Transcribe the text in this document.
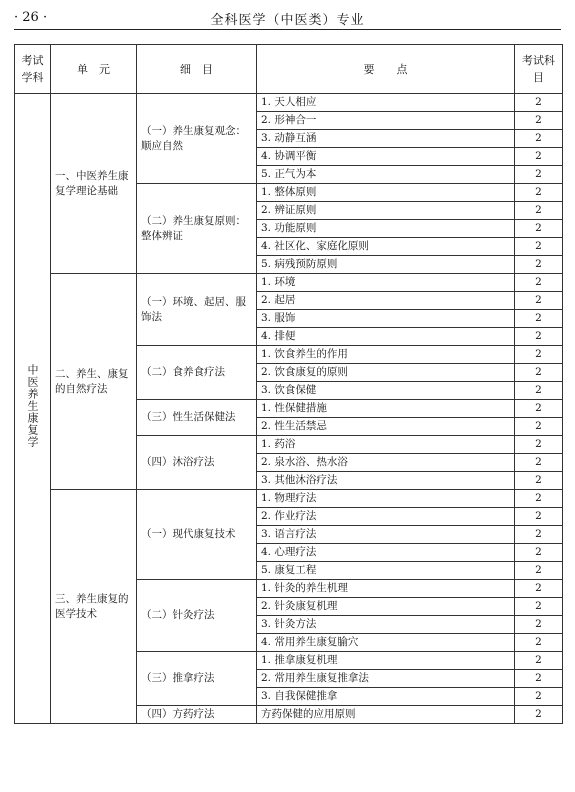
· 26 ·	全科医学（中医类）专业
考试学科	单　元	细　目	要　　点	考试科目
中医养生康复学	一、中医养生康复学理论基础	（一）养生康复观念：顺应自然	1. 天人相应	2
			2. 形神合一	2
			3. 动静互涵	2
			4. 协调平衡	2
			5. 正气为本	2
		（二）养生康复原则：整体辨证	1. 整体原则	2
			2. 辨证原则	2
			3. 功能原则	2
			4. 社区化、家庭化原则	2
			5. 病残预防原则	2
	二、养生、康复的自然疗法	（一）环境、起居、服饰法	1. 环境	2
			2. 起居	2
			3. 服饰	2
			4. 排便	2
		（二）食养食疗法	1. 饮食养生的作用	2
			2. 饮食康复的原则	2
			3. 饮食保健	2
		（三）性生活保健法	1. 性保健措施	2
			2. 性生活禁忌	2
		（四）沐浴疗法	1. 药浴	2
			2. 泉水浴、热水浴	2
			3. 其他沐浴疗法	2
	三、养生康复的医学技术	（一）现代康复技术	1. 物理疗法	2
			2. 作业疗法	2
			3. 语言疗法	2
			4. 心理疗法	2
			5. 康复工程	2
		（二）针灸疗法	1. 针灸的养生机理	2
			2. 针灸康复机理	2
			3. 针灸方法	2
			4. 常用养生康复腧穴	2
		（三）推拿疗法	1. 推拿康复机理	2
			2. 常用养生康复推拿法	2
			3. 自我保健推拿	2
		（四）方药疗法	方药保健的应用原则	2
